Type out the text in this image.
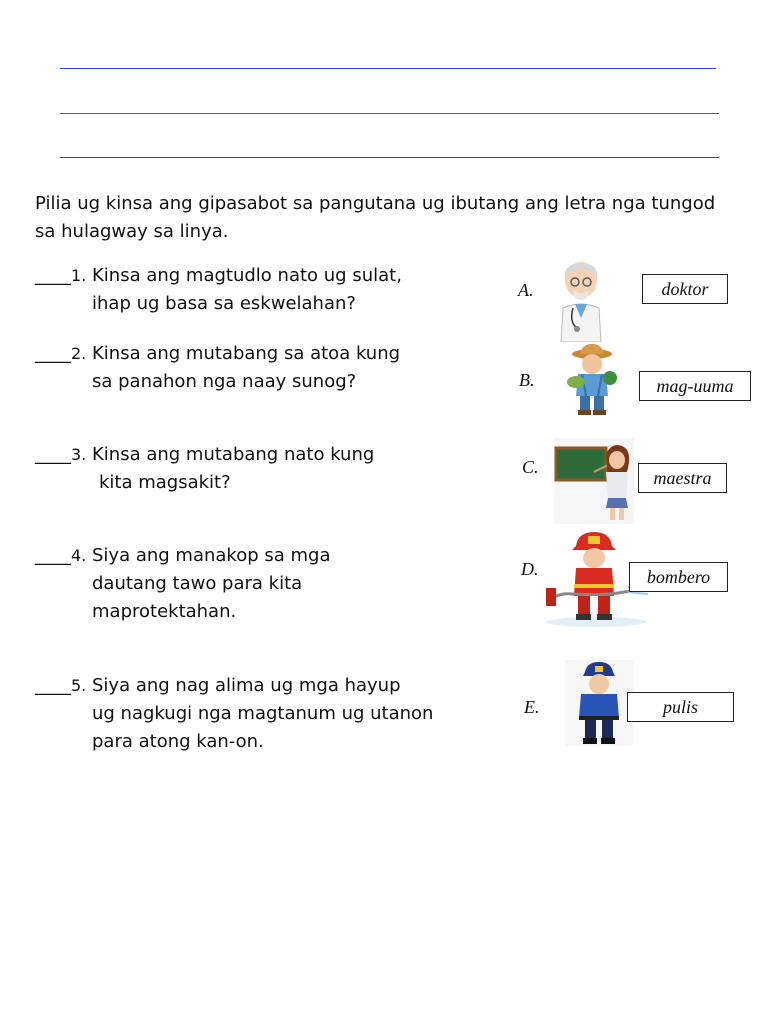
Pilia ug kinsa ang gipasabot sa pangutana ug ibutang ang letra nga tungod sa hulagway sa linya.
____1. Kinsa ang magtudlo nato ug sulat,
ihap ug basa sa eskwelahan?
____2. Kinsa ang mutabang sa atoa kung
sa panahon nga naay sunog?
____3. Kinsa ang mutabang nato kung
kita magsakit?
____4. Siya ang manakop sa mga
dautang tawo para kita
maprotektahan.
____5. Siya ang nag alima ug mga hayup
ug nagkugi nga magtanum ug utanon
para atong kan-on.
A.
B.
C.
D.
E.
doktor
mag-uuma
maestra
bombero
pulis
